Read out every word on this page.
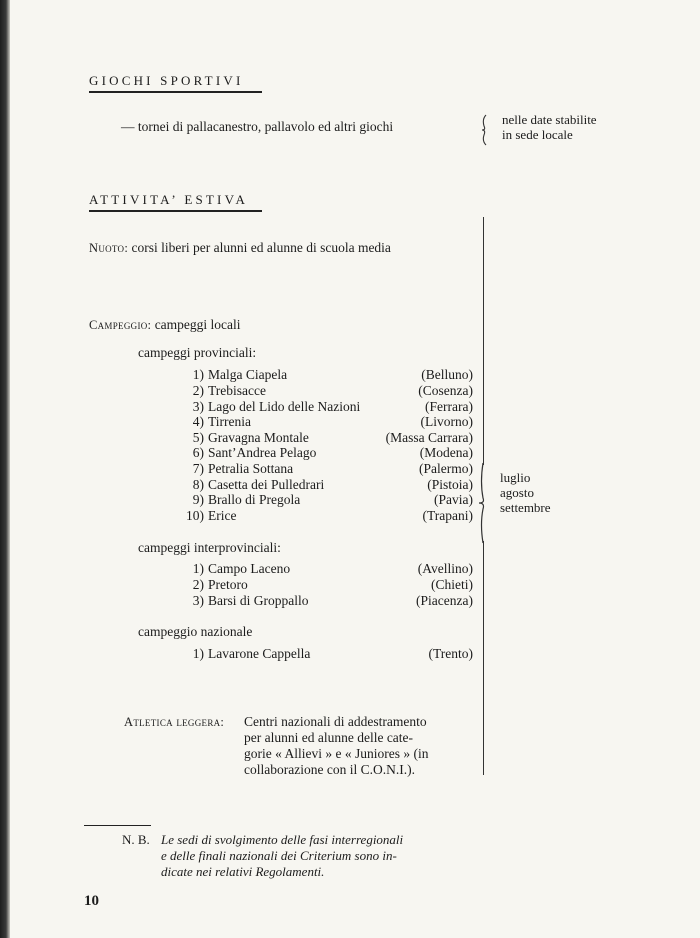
GIOCHI SPORTIVI
— tornei di pallacanestro, pallavolo ed altri giochi	nelle date stabilite
in sede locale
ATTIVITA’ ESTIVA
Nuoto: corsi liberi per alunni ed alunne di scuola media
Campeggio: campeggi locali
campeggi provinciali:
1) Malga Ciapela	(Belluno)
2) Trebisacce	(Cosenza)
3) Lago del Lido delle Nazioni	(Ferrara)
4) Tirrenia	(Livorno)
5) Gravagna Montale	(Massa Carrara)
6) Sant’Andrea Pelago	(Modena)
7) Petralia Sottana	(Palermo)
8) Casetta dei Pulledrari	(Pistoia)
9) Brallo di Pregola	(Pavia)
10) Erice	(Trapani)
campeggi interprovinciali:
1) Campo Laceno	(Avellino)
2) Pretoro	(Chieti)
3) Barsi di Groppallo	(Piacenza)
campeggio nazionale
1) Lavarone Cappella	(Trento)
luglio
agosto
settembre
Atletica leggera: Centri nazionali di addestramento
per alunni ed alunne delle cate-
gorie « Allievi » e « Juniores » (in
collaborazione con il C.O.N.I.).
N. B. Le sedi di svolgimento delle fasi interregionali
e delle finali nazionali dei Criterium sono in-
dicate nei relativi Regolamenti.
10
